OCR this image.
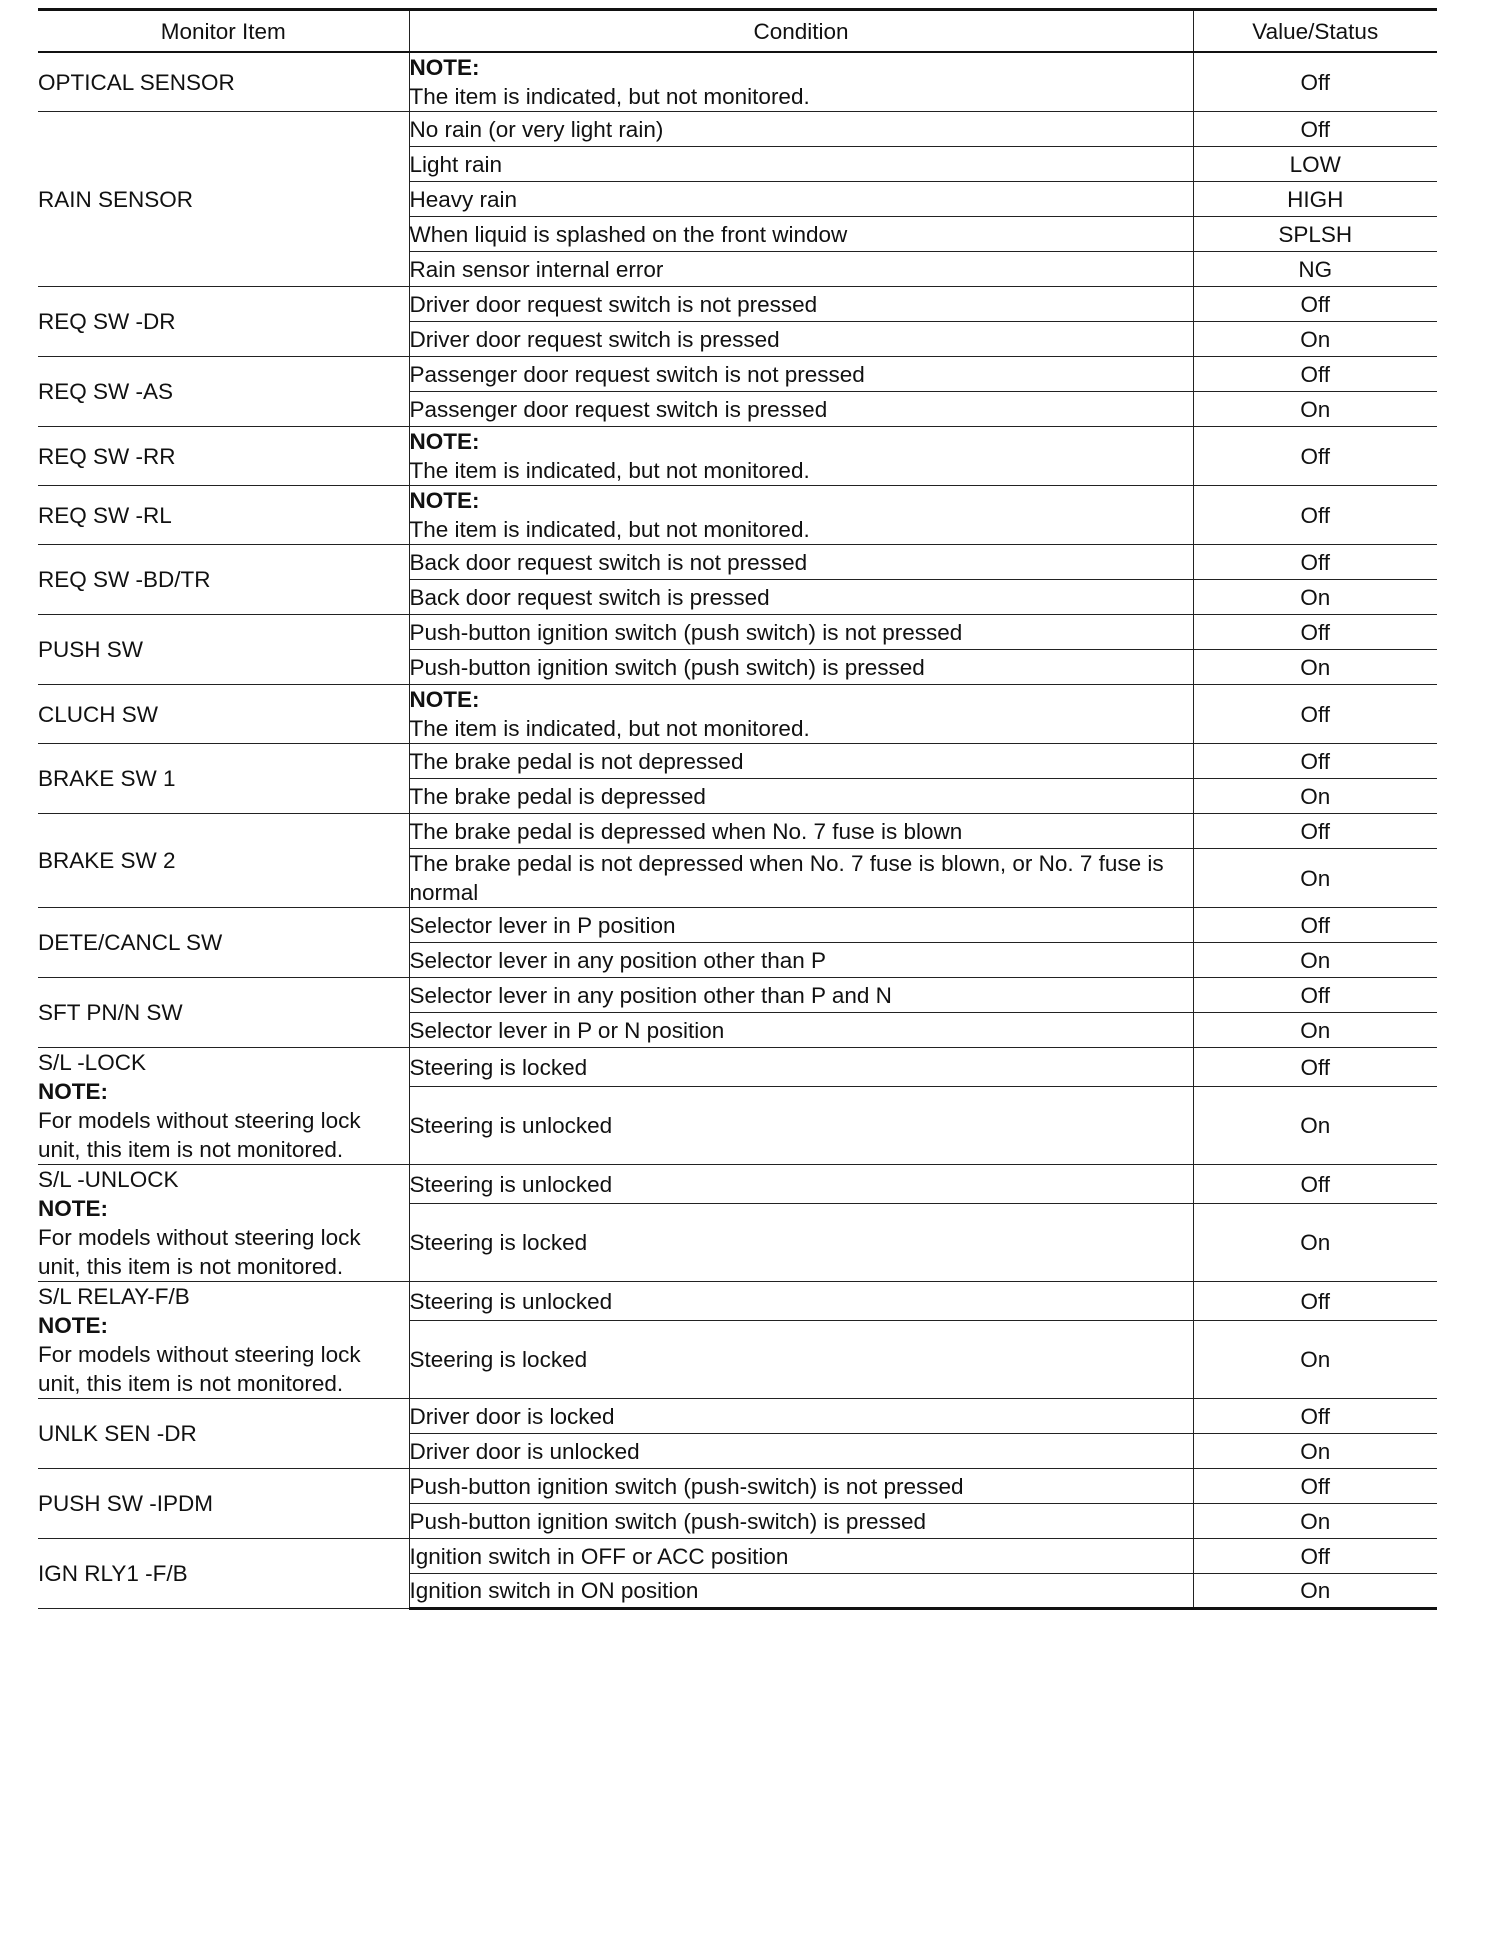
Monitor Item	Condition	Value/Status

OPTICAL SENSOR	NOTE:
The item is indicated, but not monitored.	Off

RAIN SENSOR	No rain (or very light rain)	Off
	Light rain	LOW
	Heavy rain	HIGH
	When liquid is splashed on the front window	SPLSH
	Rain sensor internal error	NG

REQ SW -DR	Driver door request switch is not pressed	Off
	Driver door request switch is pressed	On

REQ SW -AS	Passenger door request switch is not pressed	Off
	Passenger door request switch is pressed	On

REQ SW -RR	NOTE:
The item is indicated, but not monitored.	Off

REQ SW -RL	NOTE:
The item is indicated, but not monitored.	Off

REQ SW -BD/TR	Back door request switch is not pressed	Off
	Back door request switch is pressed	On

PUSH SW	Push-button ignition switch (push switch) is not pressed	Off
	Push-button ignition switch (push switch) is pressed	On

CLUCH SW	NOTE:
The item is indicated, but not monitored.	Off

BRAKE SW 1	The brake pedal is not depressed	Off
	The brake pedal is depressed	On

BRAKE SW 2	The brake pedal is depressed when No. 7 fuse is blown	Off
	The brake pedal is not depressed when No. 7 fuse is blown, or No. 7 fuse is normal	On

DETE/CANCL SW	Selector lever in P position	Off
	Selector lever in any position other than P	On

SFT PN/N SW	Selector lever in any position other than P and N	Off
	Selector lever in P or N position	On

S/L -LOCK
NOTE:
For models without steering lock unit, this item is not monitored.	Steering is locked	Off
	Steering is unlocked	On

S/L -UNLOCK
NOTE:
For models without steering lock unit, this item is not monitored.	Steering is unlocked	Off
	Steering is locked	On

S/L RELAY-F/B
NOTE:
For models without steering lock unit, this item is not monitored.	Steering is unlocked	Off
	Steering is locked	On

UNLK SEN -DR	Driver door is locked	Off
	Driver door is unlocked	On

PUSH SW -IPDM	Push-button ignition switch (push-switch) is not pressed	Off
	Push-button ignition switch (push-switch) is pressed	On

IGN RLY1 -F/B	Ignition switch in OFF or ACC position	Off
	Ignition switch in ON position	On
